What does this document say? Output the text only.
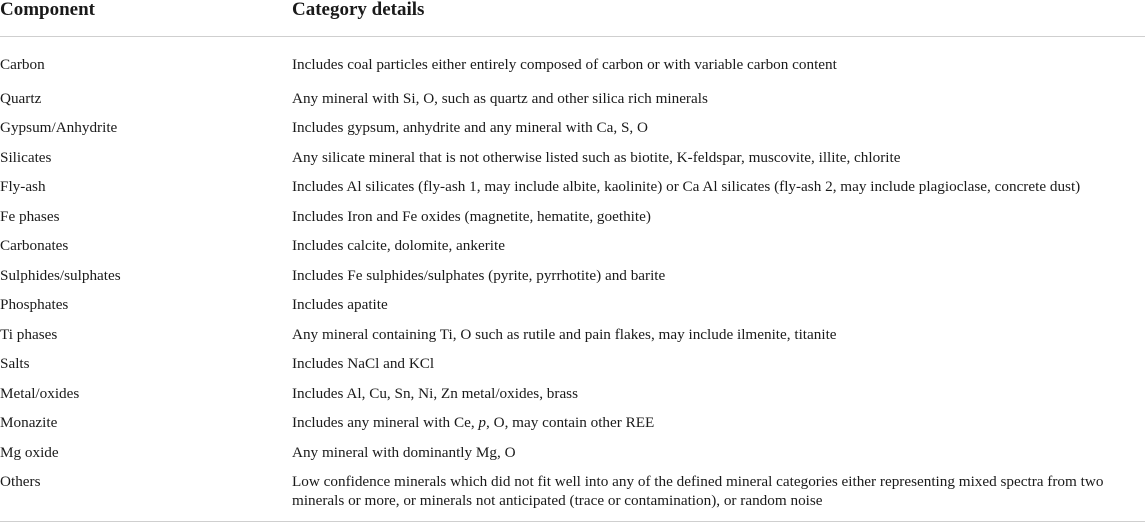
Component	Category details
Carbon	Includes coal particles either entirely composed of carbon or with variable carbon content
Quartz	Any mineral with Si, O, such as quartz and other silica rich minerals
Gypsum/Anhydrite	Includes gypsum, anhydrite and any mineral with Ca, S, O
Silicates	Any silicate mineral that is not otherwise listed such as biotite, K-feldspar, muscovite, illite, chlorite
Fly-ash	Includes Al silicates (fly-ash 1, may include albite, kaolinite) or Ca Al silicates (fly-ash 2, may include plagioclase, concrete dust)
Fe phases	Includes Iron and Fe oxides (magnetite, hematite, goethite)
Carbonates	Includes calcite, dolomite, ankerite
Sulphides/sulphates	Includes Fe sulphides/sulphates (pyrite, pyrrhotite) and barite
Phosphates	Includes apatite
Ti phases	Any mineral containing Ti, O such as rutile and pain flakes, may include ilmenite, titanite
Salts	Includes NaCl and KCl
Metal/oxides	Includes Al, Cu, Sn, Ni, Zn metal/oxides, brass
Monazite	Includes any mineral with Ce, p, O, may contain other REE
Mg oxide	Any mineral with dominantly Mg, O
Others	Low confidence minerals which did not fit well into any of the defined mineral categories either representing mixed spectra from two minerals or more, or minerals not anticipated (trace or contamination), or random noise
